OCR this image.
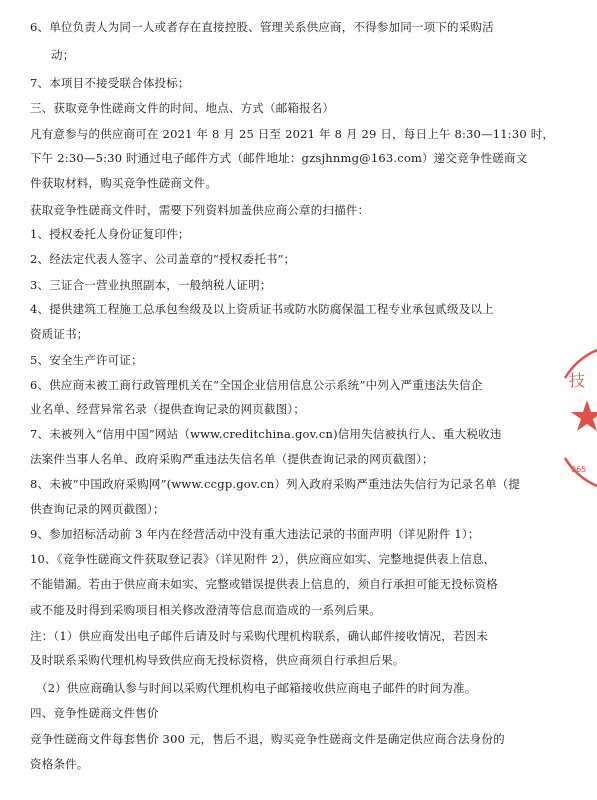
6、单位负责人为同一人或者存在直接控股、管理关系供应商，不得参加同一项下的采购活
动；
7、本项目不接受联合体投标；
三、获取竞争性磋商文件的时间、地点、方式（邮箱报名）
凡有意参与的供应商可在 2021 年 8 月 25 日至 2021 年 8 月 29 日，每日上午 8:30—11:30 时，
下午 2:30—5:30 时通过电子邮件方式（邮件地址：gzsjhnmg@163.com）递交竞争性磋商文
件获取材料，购买竞争性磋商文件。
获取竞争性磋商文件时，需要下列资料加盖供应商公章的扫描件：
1、授权委托人身份证复印件；
2、经法定代表人签字、公司盖章的“授权委托书”；
3、三证合一营业执照副本，一般纳税人证明；
4、提供建筑工程施工总承包叁级及以上资质证书或防水防腐保温工程专业承包贰级及以上
资质证书；
5、安全生产许可证；
6、供应商未被工商行政管理机关在“全国企业信用信息公示系统”中列入严重违法失信企
业名单、经营异常名录（提供查询记录的网页截图）；
7、未被列入“信用中国”网站（www.creditchina.gov.cn)信用失信被执行人、重大税收违
法案件当事人名单、政府采购严重违法失信名单（提供查询记录的网页截图）；
8、未被“中国政府采购网”(www.ccgp.gov.cn）列入政府采购严重违法失信行为记录名单（提
供查询记录的网页截图）；
9、参加招标活动前 3 年内在经营活动中没有重大违法记录的书面声明（详见附件 1）；
10、《竞争性磋商文件获取登记表》（详见附件 2），供应商应如实、完整地提供表上信息，
不能错漏。若由于供应商未如实、完整或错误提供表上信息的，须自行承担可能无投标资格
或不能及时得到采购项目相关修改澄清等信息而造成的一系列后果。
注：（1）供应商发出电子邮件后请及时与采购代理机构联系，确认邮件接收情况，若因未
及时联系采购代理机构导致供应商无投标资格，供应商须自行承担后果。
（2）供应商确认参与时间以采购代理机构电子邮箱接收供应商电子邮件的时间为准。
四、竞争性磋商文件售价
竞争性磋商文件每套售价 300 元，售后不退，购买竞争性磋商文件是确定供应商合法身份的
资格条件。
技
065
